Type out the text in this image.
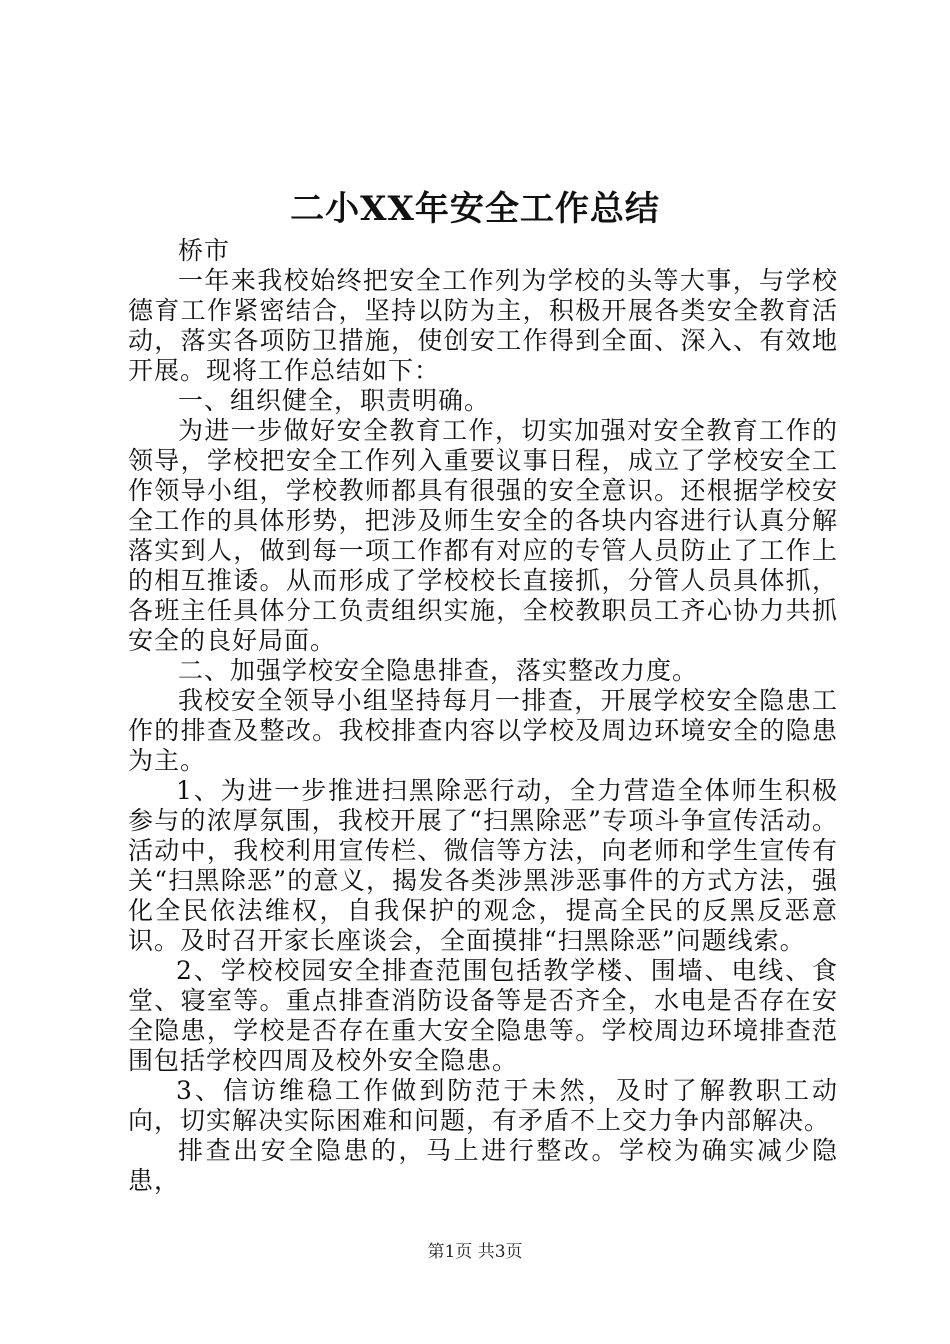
二小XX年安全工作总结

桥市

一年来我校始终把安全工作列为学校的头等大事，与学校德育工作紧密结合，坚持以防为主，积极开展各类安全教育活动，落实各项防卫措施，使创安工作得到全面、深入、有效地开展。现将工作总结如下：

一、组织健全，职责明确。

为进一步做好安全教育工作，切实加强对安全教育工作的领导，学校把安全工作列入重要议事日程，成立了学校安全工作领导小组，学校教师都具有很强的安全意识。还根据学校安全工作的具体形势，把涉及师生安全的各块内容进行认真分解落实到人，做到每一项工作都有对应的专管人员防止了工作上的相互推诿。从而形成了学校校长直接抓，分管人员具体抓，各班主任具体分工负责组织实施，全校教职员工齐心协力共抓安全的良好局面。

二、加强学校安全隐患排查，落实整改力度。

我校安全领导小组坚持每月一排查，开展学校安全隐患工作的排查及整改。我校排查内容以学校及周边环境安全的隐患为主。

1、为进一步推进扫黑除恶行动，全力营造全体师生积极参与的浓厚氛围，我校开展了“扫黑除恶”专项斗争宣传活动。活动中，我校利用宣传栏、微信等方法，向老师和学生宣传有关“扫黑除恶”的意义，揭发各类涉黑涉恶事件的方式方法，强化全民依法维权，自我保护的观念，提高全民的反黑反恶意识。及时召开家长座谈会，全面摸排“扫黑除恶”问题线索。

2、学校校园安全排查范围包括教学楼、围墙、电线、食堂、寝室等。重点排查消防设备等是否齐全，水电是否存在安全隐患，学校是否存在重大安全隐患等。学校周边环境排查范围包括学校四周及校外安全隐患。

3、信访维稳工作做到防范于未然，及时了解教职工动向，切实解决实际困难和问题，有矛盾不上交力争内部解决。

排查出安全隐患的，马上进行整改。学校为确实减少隐患，

第1页 共3页
